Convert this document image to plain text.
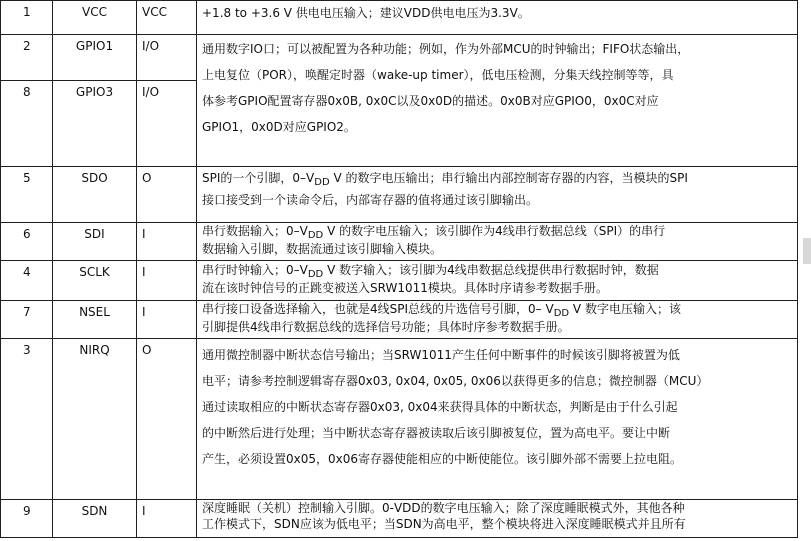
1	VCC	VCC	+1.8 to +3.6 V 供电电压输入；建议VDD供电电压为3.3V。

2	GPIO1	I/O	通用数字IO口；可以被配置为各种功能；例如，作为外部MCU的时钟输出；FIFO状态输出，
上电复位（POR），唤醒定时器（wake-up timer），低电压检测，分集天线控制等等，具
体参考GPIO配置寄存器0x0B, 0x0C以及0x0D的描述。0x0B对应GPIO0，0x0C对应
GPIO1，0x0D对应GPIO2。

8	GPIO3	I/O	
5	SDO	O	SPI的一个引脚，$0-V_{DD}$ V 的数字电压输出；串行输出内部控制寄存器的内容，当模块的SPI
接口接受到一个读命令后，内部寄存器的值将通过该引脚输出。

6	SDI	I	串行数据输入；$0-V_{DD}$ V 的数字电压输入；该引脚作为4线串行数据总线（SPI）的串行
数据输入引脚，数据流通过该引脚输入模块。

4	SCLK	I	串行时钟输入；$0-V_{DD}$ V 数字输入；该引脚为4线串数据总线提供串行数据时钟，数据
流在该时钟信号的正跳变被送入SRW1011模块。具体时序请参考数据手册。

7	NSEL	I	串行接口设备选择输入，也就是4线SPI总线的片选信号引脚，0– $V_{DD}$ V 数字电压输入；该
引脚提供4线串行数据总线的选择信号功能；具体时序参考数据手册。

3	NIRQ	O	通用微控制器中断状态信号输出；当SRW1011产生任何中断事件的时候该引脚将被置为低
电平；请参考控制逻辑寄存器0x03, 0x04, 0x05, 0x06以获得更多的信息；微控制器（MCU）
通过读取相应的中断状态寄存器0x03, 0x04来获得具体的中断状态，判断是由于什么引起
的中断然后进行处理；当中断状态寄存器被读取后该引脚被复位，置为高电平。要让中断
产生，必须设置0x05，0x06寄存器使能相应的中断使能位。该引脚外部不需要上拉电阻。

9	SDN	I	深度睡眠（关机）控制输入引脚。0-VDD的数字电压输入；除了深度睡眠模式外，其他各种
工作模式下，SDN应该为低电平；当SDN为高电平，整个模块将进入深度睡眠模式并且所有
